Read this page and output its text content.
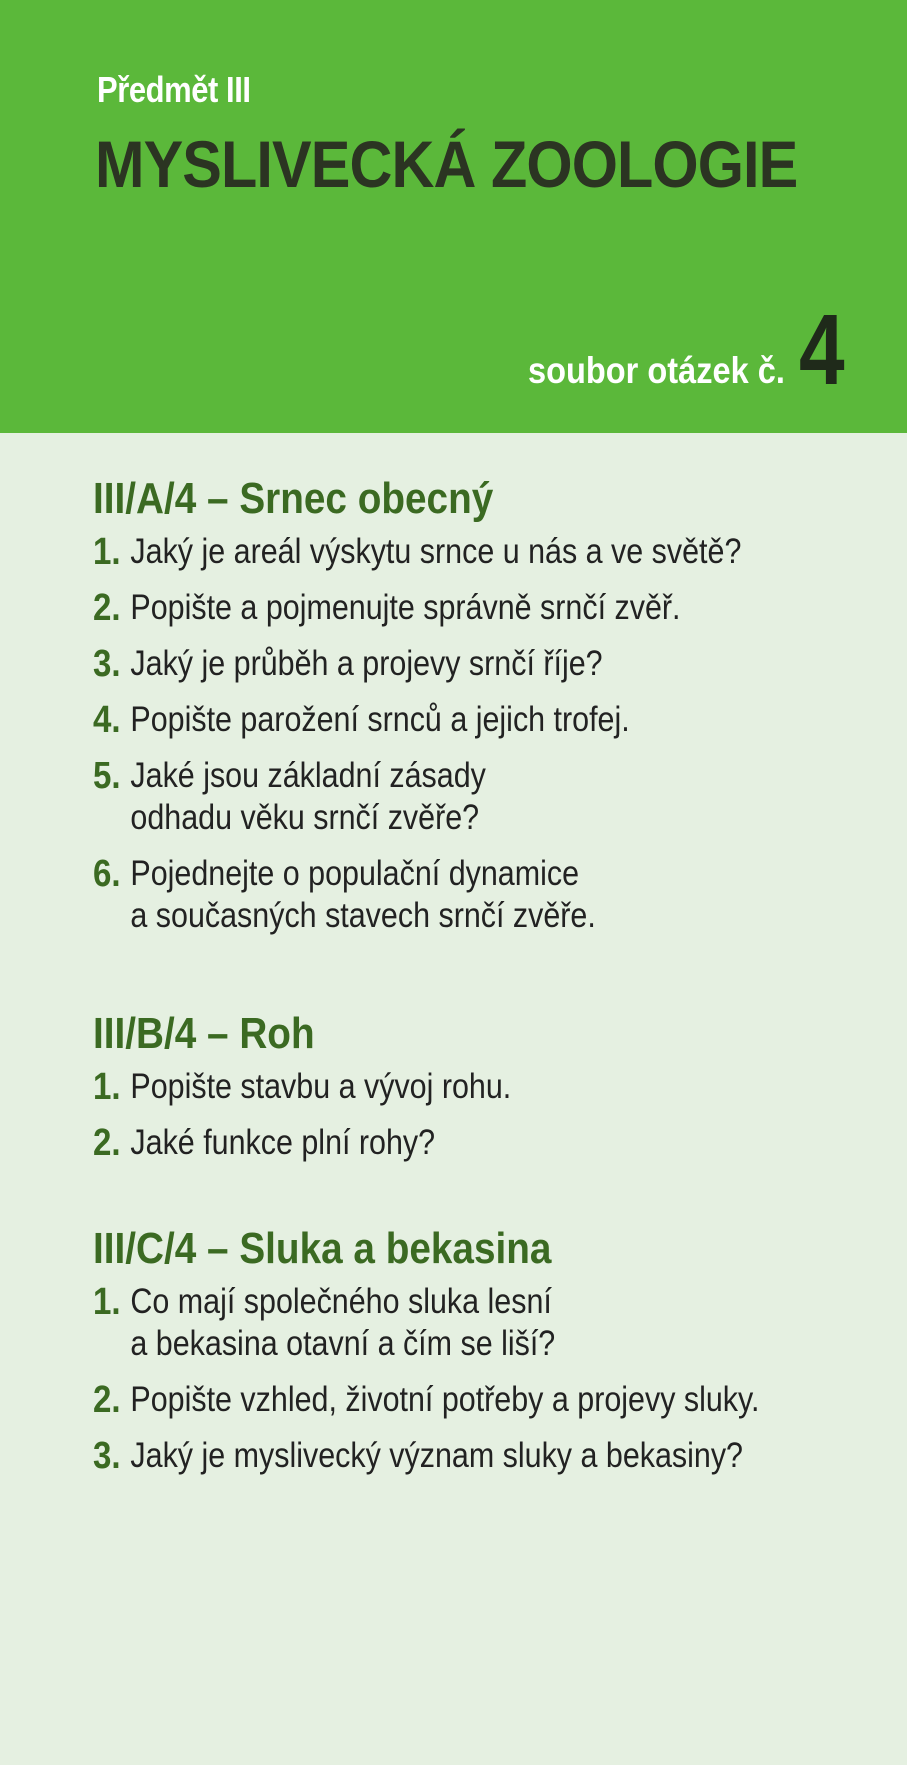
Předmět III
MYSLIVECKÁ ZOOLOGIE
soubor otázek č. 4
III/A/4 – Srnec obecný
1. Jaký je areál výskytu srnce u nás a ve světě?
2. Popište a pojmenujte správně srnčí zvěř.
3. Jaký je průběh a projevy srnčí říje?
4. Popište parožení srnců a jejich trofej.
5. Jaké jsou základní zásady
odhadu věku srnčí zvěře?
6. Pojednejte o populační dynamice
a současných stavech srnčí zvěře.
III/B/4 – Roh
1. Popište stavbu a vývoj rohu.
2. Jaké funkce plní rohy?
III/C/4 – Sluka a bekasina
1. Co mají společného sluka lesní
a bekasina otavní a čím se liší?
2. Popište vzhled, životní potřeby a projevy sluky.
3. Jaký je myslivecký význam sluky a bekasiny?
